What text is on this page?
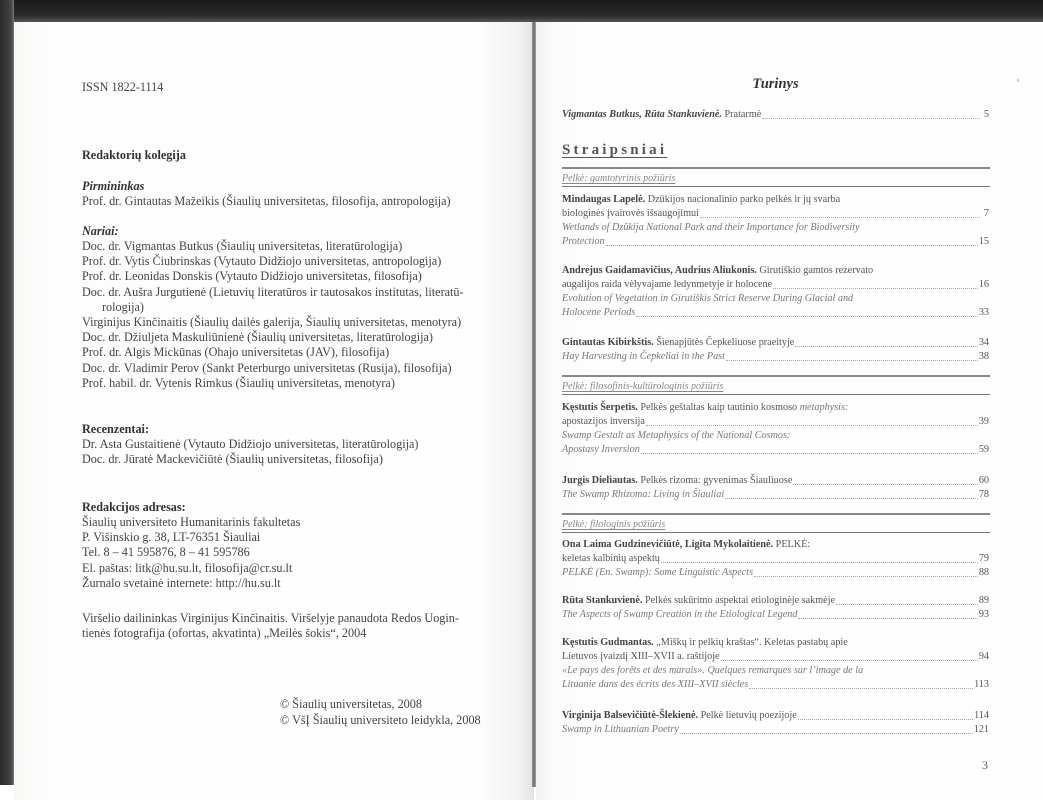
ISSN 1822-1114
Redaktorių kolegija
Pirmininkas
Prof. dr. Gintautas Mažeikis (Šiaulių universitetas, filosofija, antropologija)
Nariai:
Doc. dr. Vigmantas Butkus (Šiaulių universitetas, literatūrologija)
Prof. dr. Vytis Čiubrinskas (Vytauto Didžiojo universitetas, antropologija)
Prof. dr. Leonidas Donskis (Vytauto Didžiojo universitetas, filosofija)
Doc. dr. Aušra Jurgutienė (Lietuvių literatūros ir tautosakos institutas, literatū-
rologija)
Virginijus Kinčinaitis (Šiaulių dailės galerija, Šiaulių universitetas, menotyra)
Doc. dr. Džiuljeta Maskuliūnienė (Šiaulių universitetas, literatūrologija)
Prof. dr. Algis Mickūnas (Ohajo universitetas (JAV), filosofija)
Doc. dr. Vladimir Perov (Sankt Peterburgo universitetas (Rusija), filosofija)
Prof. habil. dr. Vytenis Rimkus (Šiaulių universitetas, menotyra)
Recenzentai:
Dr. Asta Gustaitienė (Vytauto Didžiojo universitetas, literatūrologija)
Doc. dr. Jūratė Mackevičiūtė (Šiaulių universitetas, filosofija)
Redakcijos adresas:
Šiaulių universiteto Humanitarinis fakultetas
P. Višinskio g. 38, LT-76351 Šiauliai
Tel. 8 – 41 595876, 8 – 41 595786
El. paštas: litk@hu.su.lt, filosofija@cr.su.lt
Žurnalo svetainė internete: http://hu.su.lt
Viršelio dailininkas Virginijus Kinčinaitis. Viršelyje panaudota Redos Uogin-
tienės fotografija (ofortas, akvatinta) „Meilės šokis“, 2004
© Šiaulių universitetas, 2008
© VšĮ Šiaulių universiteto leidykla, 2008
Turinys
Vigmantas Butkus, Rūta Stankuvienė. Pratarmė	5
Straipsniai
Pelkė: gamtotyrinis požiūris
Mindaugas Lapelė. Dzūkijos nacionalinio parko pelkės ir jų svarba
biologinės įvairovės išsaugojimui	7
Wetlands of Dzūkija National Park and their Importance for Biodiversity
Protection	15
Andrejus Gaidamavičius, Audrius Aliukonis. Girutiškio gamtos rezervato
augalijos raida vėlyvajame ledynmetyje ir holocene	16
Evolution of Vegetation in Girutiškis Strict Reserve During Glacial and
Holocene Periods	33
Gintautas Kibirkštis. Šienapjūtės Čepkeliuose praeityje	34
Hay Harvesting in Čepkeliai in the Past	38
Pelkė: filosofinis-kultūrologinis požiūris
Kęstutis Šerpetis. Pelkės geštaltas kaip tautinio kosmoso metaphysis:
apostazijos inversija	39
Swamp Gestalt as Metaphysics of the National Cosmos:
Apostasy Inversion	59
Jurgis Dieliautas. Pelkės rizoma: gyvenimas Šiauliuose	60
The Swamp Rhizoma: Living in Šiauliai	78
Pelkė: filologinis požiūris
Ona Laima Gudzinevičiūtė, Ligita Mykolaitienė. PELKĖ:
keletas kalbinių aspektų	79
PELKĖ (En. Swamp): Some Linguistic Aspects	88
Rūta Stankuvienė. Pelkės sukūrimo aspektai etiologinėje sakmėje	89
The Aspects of Swamp Creation in the Etiological Legend	93
Kęstutis Gudmantas. „Miškų ir pelkių kraštas“. Keletas pastabų apie
Lietuvos įvaizdį XIII–XVII a. raštijoje	94
«Le pays des forêts et des marais». Quelques remarques sur l’image de la
Lituanie dans des écrits des XIII–XVII siècles	113
Virginija Balsevičiūtė-Šlekienė. Pelkė lietuvių poezijoje	114
Swamp in Lithuanian Poetry	121
3
